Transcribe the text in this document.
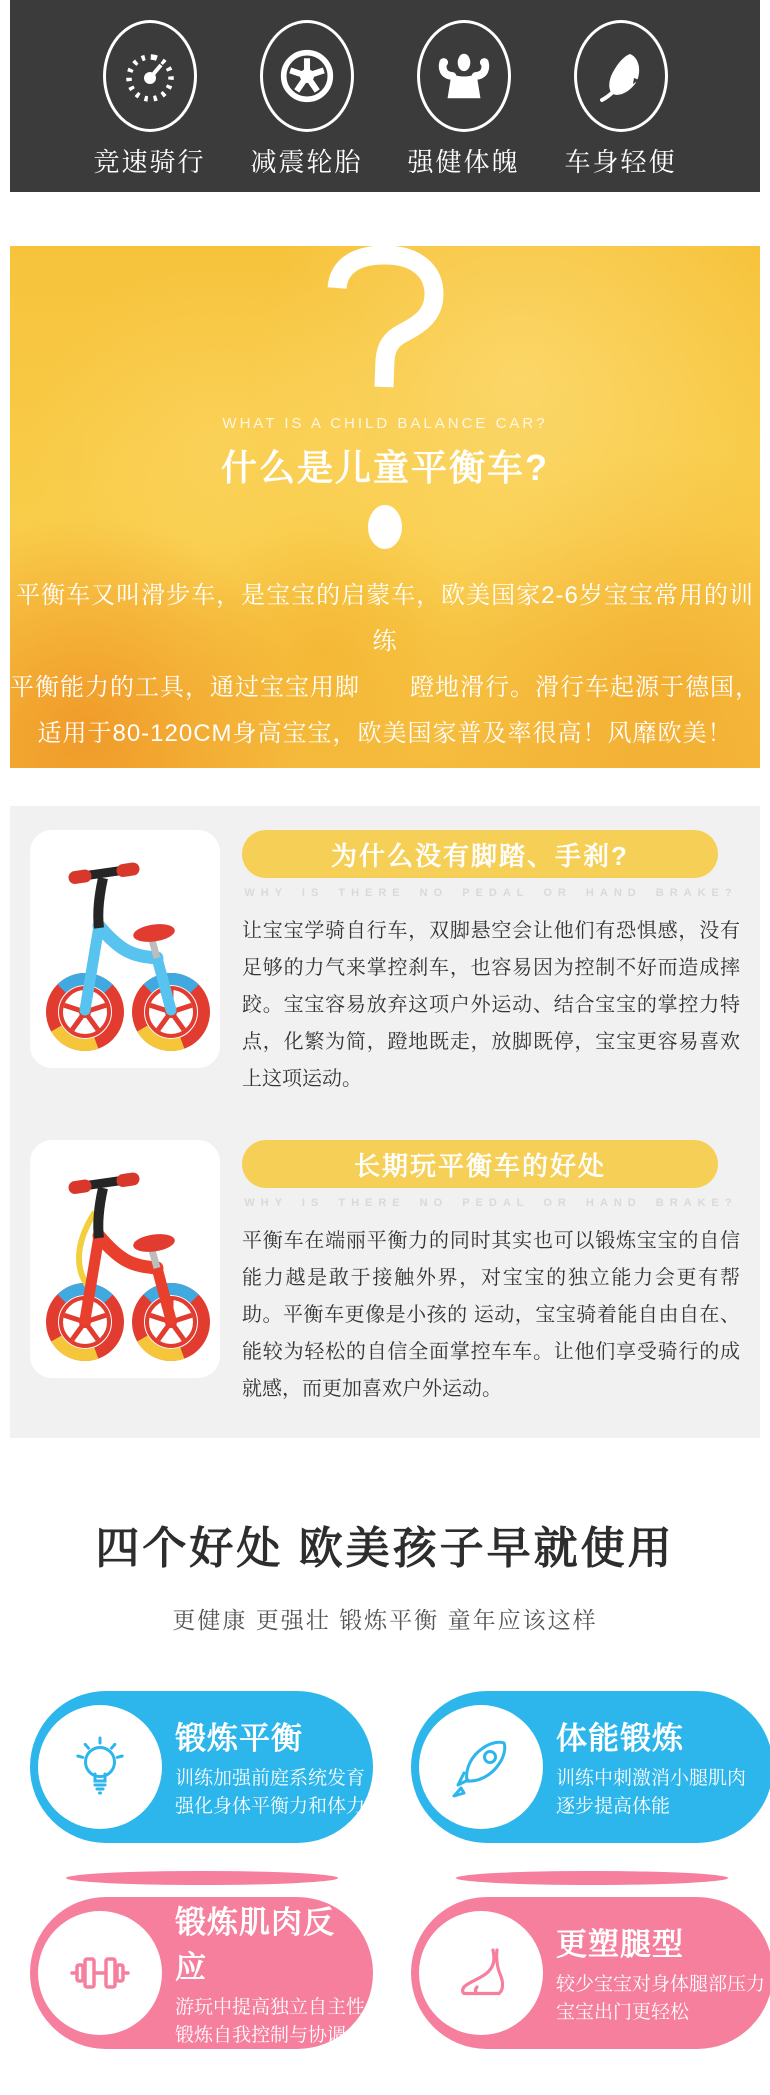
竞速骑行	减震轮胎	强健体魄	车身轻便
WHAT IS A CHILD BALANCE CAR?
什么是儿童平衡车?
平衡车又叫滑步车，是宝宝的启蒙车，欧美国家2-6岁宝宝常用的训练
平衡能力的工具，通过宝宝用脚　　蹬地滑行。滑行车起源于德国，
适用于80-120CM身高宝宝，欧美国家普及率很高！风靡欧美！
为什么没有脚踏、手刹?
WHY IS THERE NO PEDAL OR HAND BRAKE?
让宝宝学骑自行车，双脚悬空会让他们有恐惧感，没有足够的力气来掌控刹车，也容易因为控制不好而造成摔跤。宝宝容易放弃这项户外运动、结合宝宝的掌控力特点，化繁为简，蹬地既走，放脚既停，宝宝更容易喜欢上这项运动。
长期玩平衡车的好处
WHY IS THERE NO PEDAL OR HAND BRAKE?
平衡车在端丽平衡力的同时其实也可以锻炼宝宝的自信能力越是敢于接触外界，对宝宝的独立能力会更有帮助。平衡车更像是小孩的 运动，宝宝骑着能自由自在、能较为轻松的自信全面掌控车车。让他们享受骑行的成就感，而更加喜欢户外运动。
四个好处 欧美孩子早就使用
更健康 更强壮 锻炼平衡 童年应该这样
锻炼平衡
训练加强前庭系统发育
强化身体平衡力和体力
体能锻炼
训练中刺激消小腿肌肉
逐步提高体能
锻炼肌肉反应
游玩中提高独立自主性
锻炼自我控制与协调力
更塑腿型
较少宝宝对身体腿部压力
宝宝出门更轻松
